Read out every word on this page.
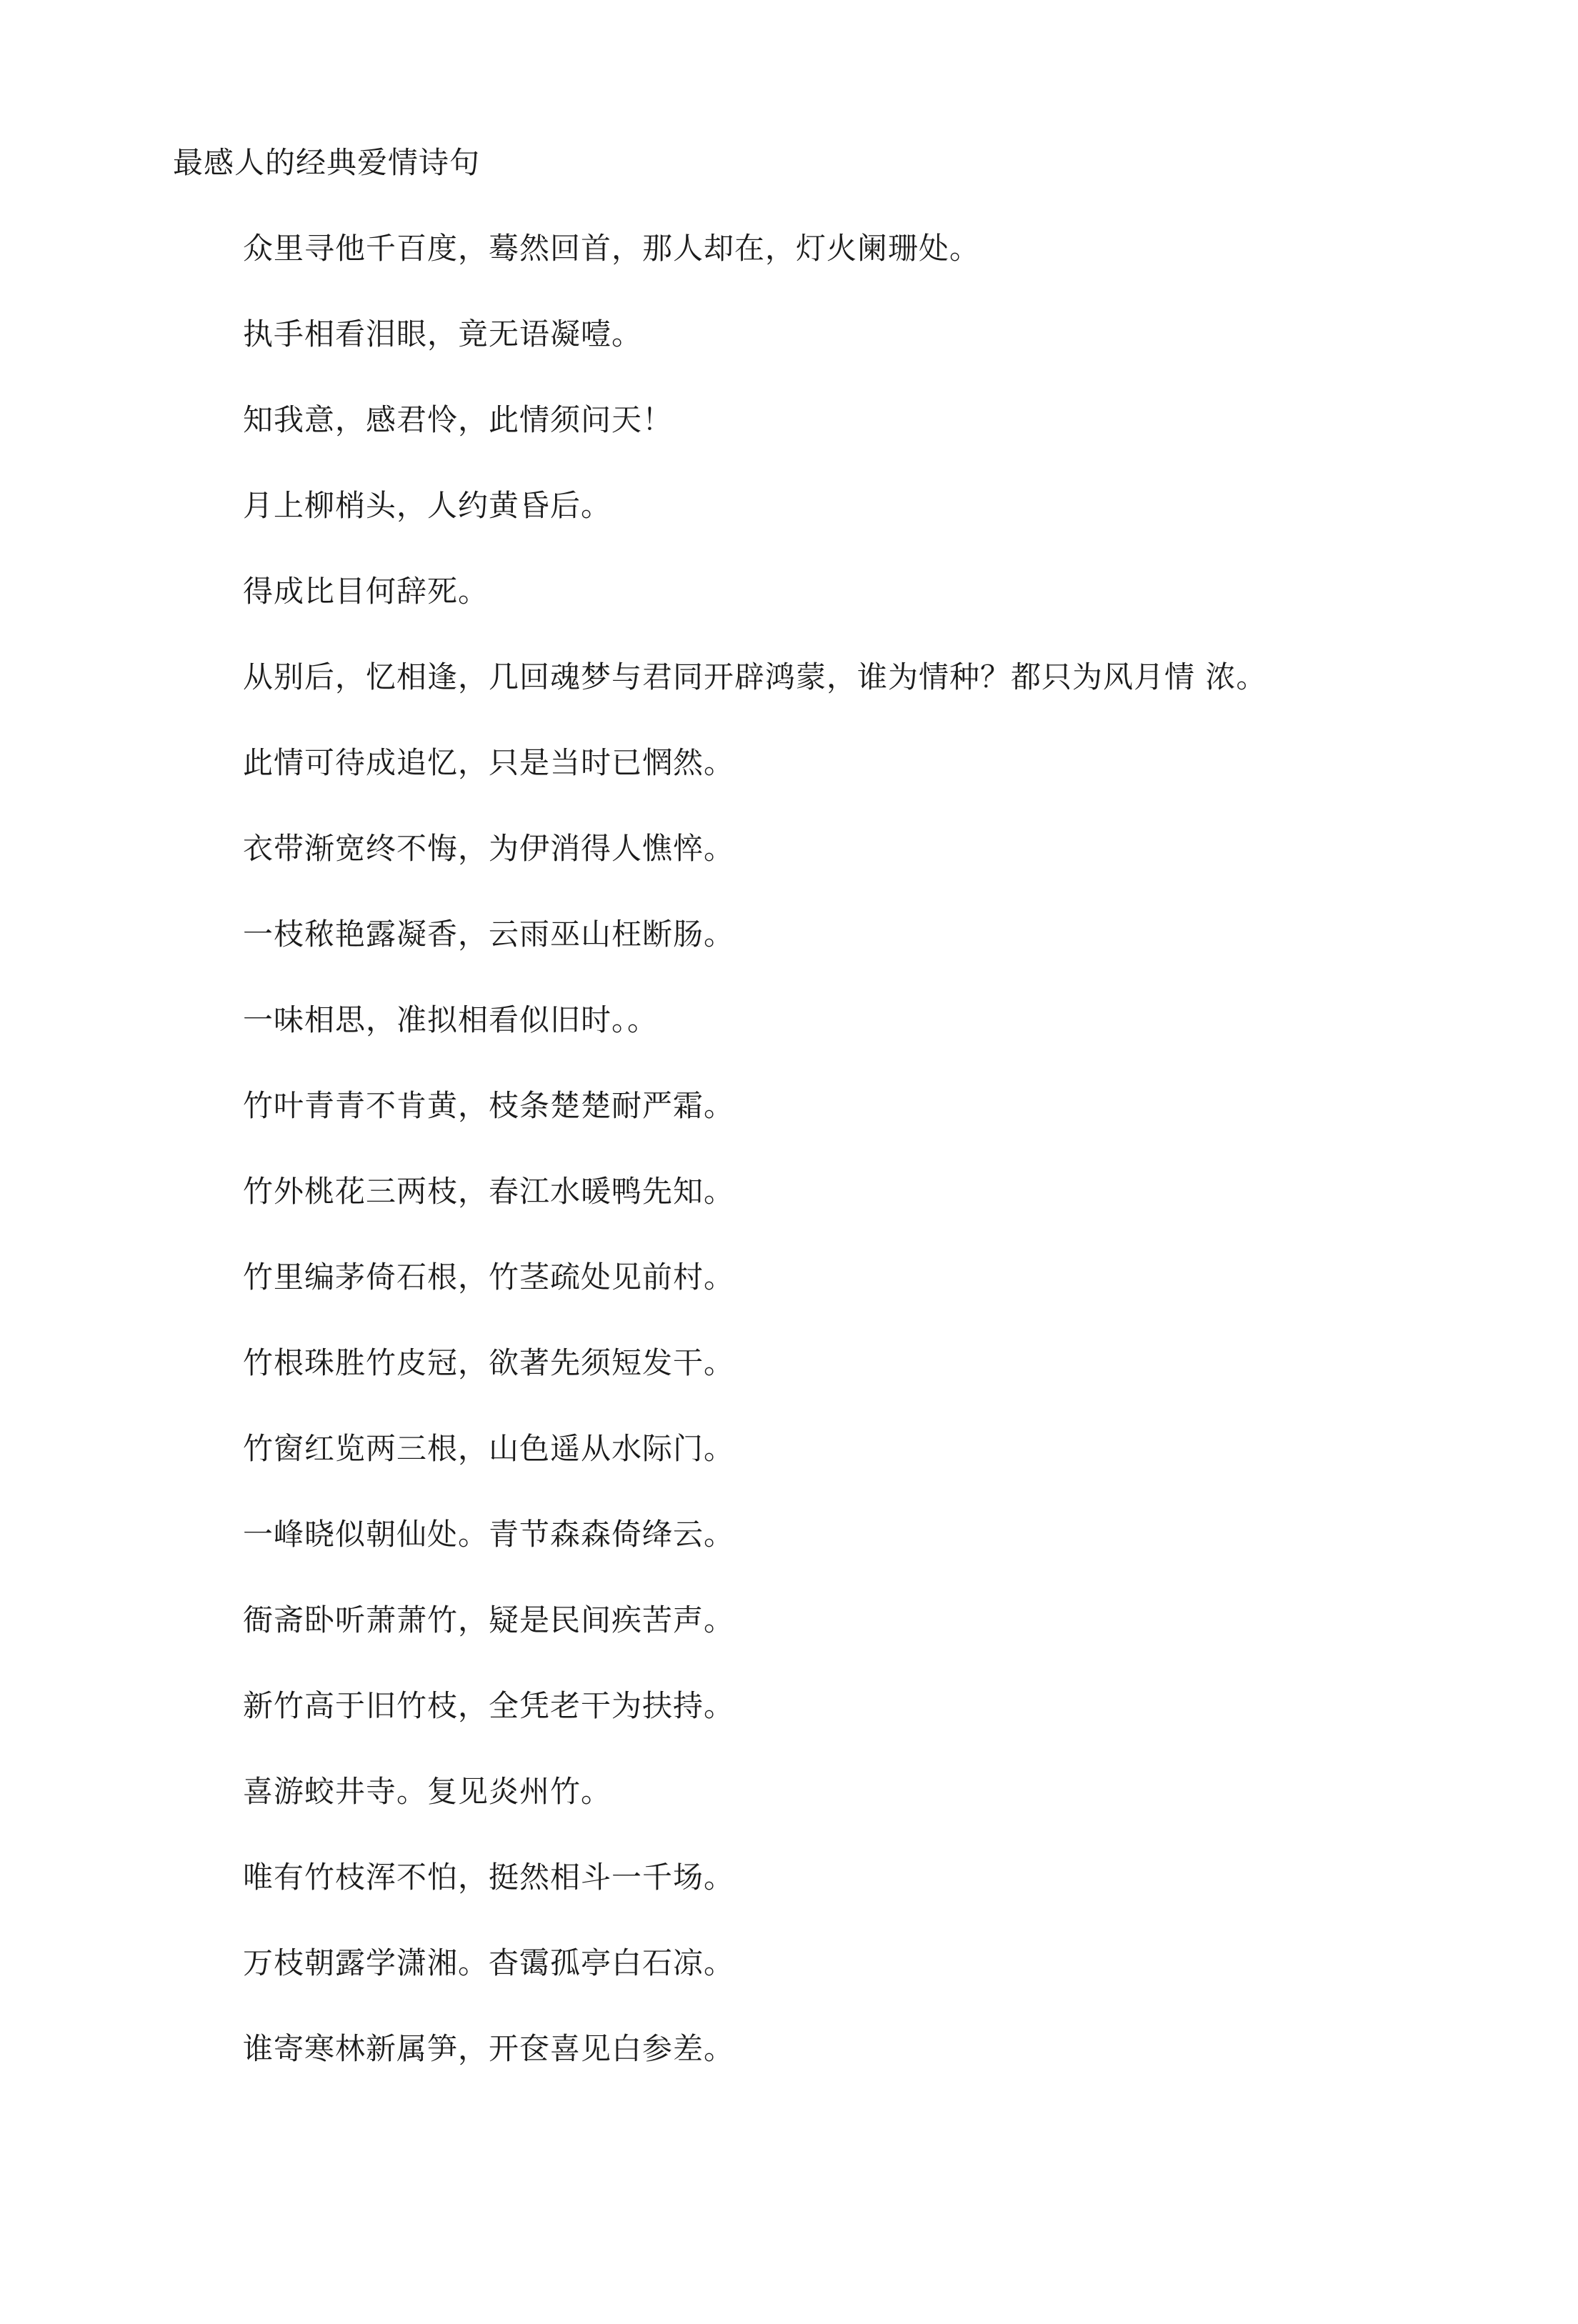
最感人的经典爱情诗句
众里寻他千百度，蓦然回首，那人却在，灯火阑珊处。
执手相看泪眼，竟无语凝噎。
知我意，感君怜，此情须问天！
月上柳梢头，人约黄昏后。
得成比目何辞死。
从别后，忆相逢，几回魂梦与君同开辟鸿蒙，谁为情种？都只为风月情 浓。
此情可待成追忆，只是当时已惘然。
衣带渐宽终不悔，为伊消得人憔悴。
一枝秾艳露凝香，云雨巫山枉断肠。
一味相思，准拟相看似旧时。。
竹叶青青不肯黄，枝条楚楚耐严霜。
竹外桃花三两枝，春江水暖鸭先知。
竹里编茅倚石根，竹茎疏处见前村。
竹根珠胜竹皮冠，欲著先须短发干。
竹窗红览两三根，山色遥从水际门。
一峰晓似朝仙处。青节森森倚绛云。
衙斋卧听萧萧竹，疑是民间疾苦声。
新竹高于旧竹枝，全凭老干为扶持。
喜游蛟井寺。复见炎州竹。
唯有竹枝浑不怕，挺然相斗一千场。
万枝朝露学潇湘。杳霭孤亭白石凉。
谁寄寒林新属笋，开奁喜见白参差。
